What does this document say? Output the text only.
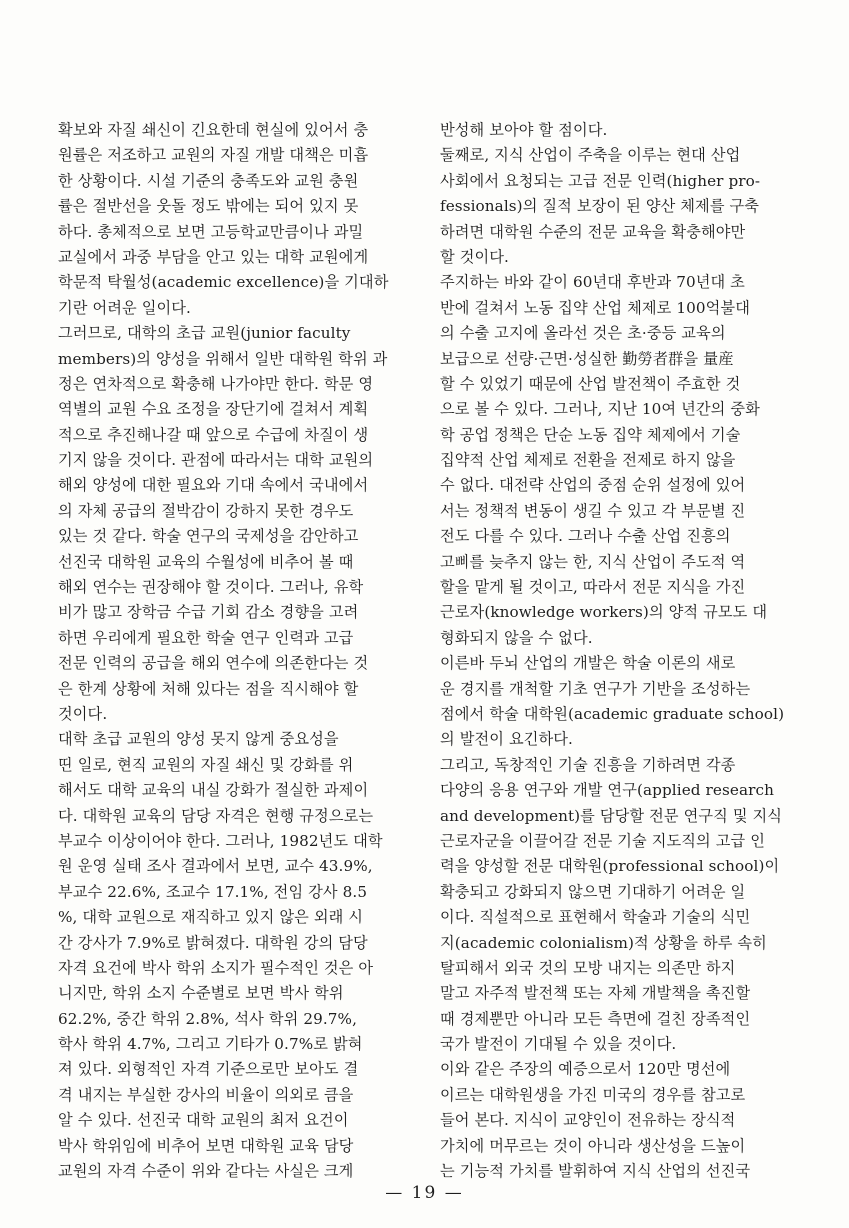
확보와 자질 쇄신이 긴요한데 현실에 있어서 충
원률은 저조하고 교원의 자질 개발 대책은 미흡
한 상황이다. 시설 기준의 충족도와 교원 충원
률은 절반선을 웃돌 정도 밖에는 되어 있지 못
하다. 총체적으로 보면 고등학교만큼이나 과밀
교실에서 과중 부담을 안고 있는 대학 교원에게
학문적 탁월성(academic excellence)을 기대하
기란 어려운 일이다.
그러므로, 대학의 초급 교원(junior faculty
members)의 양성을 위해서 일반 대학원 학위 과
정은 연차적으로 확충해 나가야만 한다. 학문 영
역별의 교원 수요 조정을 장단기에 걸쳐서 계획
적으로 추진해나갈 때 앞으로 수급에 차질이 생
기지 않을 것이다. 관점에 따라서는 대학 교원의
해외 양성에 대한 필요와 기대 속에서 국내에서
의 자체 공급의 절박감이 강하지 못한 경우도
있는 것 같다. 학술 연구의 국제성을 감안하고
선진국 대학원 교육의 수월성에 비추어 볼 때
해외 연수는 권장해야 할 것이다. 그러나, 유학
비가 많고 장학금 수급 기회 감소 경향을 고려
하면 우리에게 필요한 학술 연구 인력과 고급
전문 인력의 공급을 해외 연수에 의존한다는 것
은 한계 상황에 처해 있다는 점을 직시해야 할
것이다.
대학 초급 교원의 양성 못지 않게 중요성을
띤 일로, 현직 교원의 자질 쇄신 및 강화를 위
해서도 대학 교육의 내실 강화가 절실한 과제이
다. 대학원 교육의 담당 자격은 현행 규정으로는
부교수 이상이어야 한다. 그러나, 1982년도 대학
원 운영 실태 조사 결과에서 보면, 교수 43.9%,
부교수 22.6%, 조교수 17.1%, 전임 강사 8.5
%, 대학 교원으로 재직하고 있지 않은 외래 시
간 강사가 7.9%로 밝혀졌다. 대학원 강의 담당
자격 요건에 박사 학위 소지가 필수적인 것은 아
니지만, 학위 소지 수준별로 보면 박사 학위
62.2%, 중간 학위 2.8%, 석사 학위 29.7%,
학사 학위 4.7%, 그리고 기타가 0.7%로 밝혀
져 있다. 외형적인 자격 기준으로만 보아도 결
격 내지는 부실한 강사의 비율이 의외로 큼을
알 수 있다. 선진국 대학 교원의 최저 요건이
박사 학위임에 비추어 보면 대학원 교육 담당
교원의 자격 수준이 위와 같다는 사실은 크게
반성해 보아야 할 점이다.
둘째로, 지식 산업이 주축을 이루는 현대 산업
사회에서 요청되는 고급 전문 인력(higher pro-
fessionals)의 질적 보장이 된 양산 체제를 구축
하려면 대학원 수준의 전문 교육을 확충해야만
할 것이다.
주지하는 바와 같이 60년대 후반과 70년대 초
반에 걸쳐서 노동 집약 산업 체제로 100억불대
의 수출 고지에 올라선 것은 초·중등 교육의
보급으로 선량·근면·성실한 勤勞者群을 量産
할 수 있었기 때문에 산업 발전책이 주효한 것
으로 볼 수 있다. 그러나, 지난 10여 년간의 중화
학 공업 정책은 단순 노동 집약 체제에서 기술
집약적 산업 체제로 전환을 전제로 하지 않을
수 없다. 대전략 산업의 중점 순위 설정에 있어
서는 정책적 변동이 생길 수 있고 각 부문별 진
전도 다를 수 있다. 그러나 수출 산업 진흥의
고삐를 늦추지 않는 한, 지식 산업이 주도적 역
할을 맡게 될 것이고, 따라서 전문 지식을 가진
근로자(knowledge workers)의 양적 규모도 대
형화되지 않을 수 없다.
이른바 두뇌 산업의 개발은 학술 이론의 새로
운 경지를 개척할 기초 연구가 기반을 조성하는
점에서 학술 대학원(academic graduate school)
의 발전이 요긴하다.
그리고, 독창적인 기술 진흥을 기하려면 각종
다양의 응용 연구와 개발 연구(applied research
and development)를 담당할 전문 연구직 및 지식
근로자군을 이끌어갈 전문 기술 지도직의 고급 인
력을 양성할 전문 대학원(professional school)이
확충되고 강화되지 않으면 기대하기 어려운 일
이다. 직설적으로 표현해서 학술과 기술의 식민
지(academic colonialism)적 상황을 하루 속히
탈피해서 외국 것의 모방 내지는 의존만 하지
말고 자주적 발전책 또는 자체 개발책을 촉진할
때 경제뿐만 아니라 모든 측면에 걸친 장족적인
국가 발전이 기대될 수 있을 것이다.
이와 같은 주장의 예증으로서 120만 명선에
이르는 대학원생을 가진 미국의 경우를 참고로
들어 본다. 지식이 교양인이 전유하는 장식적
가치에 머무르는 것이 아니라 생산성을 드높이
는 기능적 가치를 발휘하여 지식 산업의 선진국
— 19 —
